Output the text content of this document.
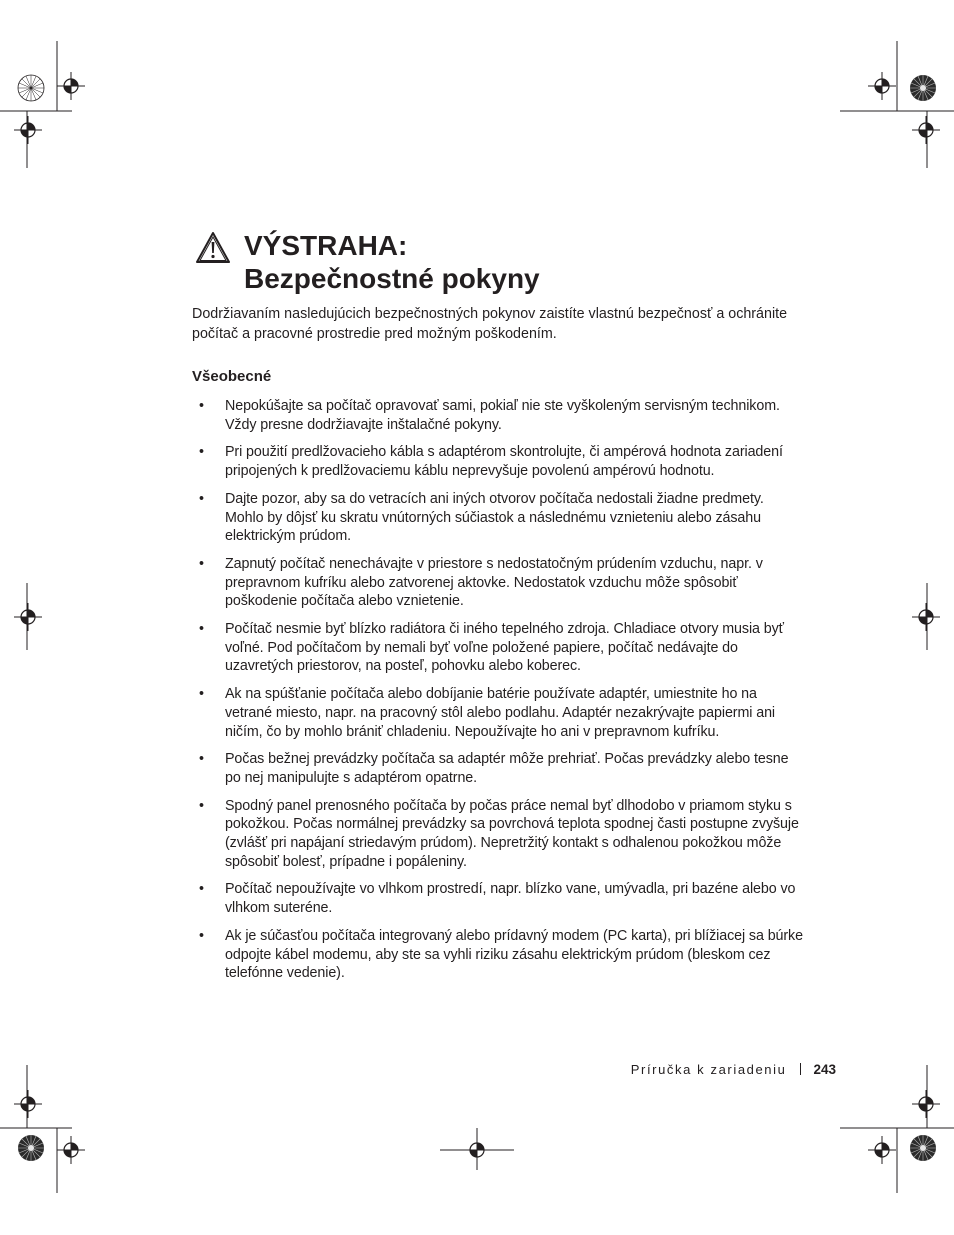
VÝSTRAHA:
Bezpečnostné pokyny

Dodržiavaním nasledujúcich bezpečnostných pokynov zaistíte vlastnú bezpečnosť a ochránite počítač a pracovné prostredie pred možným poškodením.

Všeobecné
• Nepokúšajte sa počítač opravovať sami, pokiaľ nie ste vyškoleným servisným technikom. Vždy presne dodržiavajte inštalačné pokyny.
• Pri použití predlžovacieho kábla s adaptérom skontrolujte, či ampérová hodnota zariadení pripojených k predlžovaciemu káblu neprevyšuje povolenú ampérovú hodnotu.
• Dajte pozor, aby sa do vetracích ani iných otvorov počítača nedostali žiadne predmety. Mohlo by dôjsť ku skratu vnútorných súčiastok a následnému vznieteniu alebo zásahu elektrickým prúdom.
• Zapnutý počítač nenechávajte v priestore s nedostatočným prúdením vzduchu, napr. v prepravnom kufríku alebo zatvorenej aktovke. Nedostatok vzduchu môže spôsobiť poškodenie počítača alebo vznietenie.
• Počítač nesmie byť blízko radiátora či iného tepelného zdroja. Chladiace otvory musia byť voľné. Pod počítačom by nemali byť voľne položené papiere, počítač nedávajte do uzavretých priestorov, na posteľ, pohovku alebo koberec.
• Ak na spúšťanie počítača alebo dobíjanie batérie používate adaptér, umiestnite ho na vetrané miesto, napr. na pracovný stôl alebo podlahu. Adaptér nezakrývajte papiermi ani ničím, čo by mohlo brániť chladeniu. Nepoužívajte ho ani v prepravnom kufríku.
• Počas bežnej prevádzky počítača sa adaptér môže prehriať. Počas prevádzky alebo tesne po nej manipulujte s adaptérom opatrne.
• Spodný panel prenosného počítača by počas práce nemal byť dlhodobo v priamom styku s pokožkou. Počas normálnej prevádzky sa povrchová teplota spodnej časti postupne zvyšuje (zvlášť pri napájaní striedavým prúdom). Nepretržitý kontakt s odhalenou pokožkou môže spôsobiť bolesť, prípadne i popáleniny.
• Počítač nepoužívajte vo vlhkom prostredí, napr. blízko vane, umývadla, pri bazéne alebo vo vlhkom suteréne.
• Ak je súčasťou počítača integrovaný alebo prídavný modem (PC karta), pri blížiacej sa búrke odpojte kábel modemu, aby ste sa vyhli riziku zásahu elektrickým prúdom (bleskom cez telefónne vedenie).
Príručka k zariadeniu 243
